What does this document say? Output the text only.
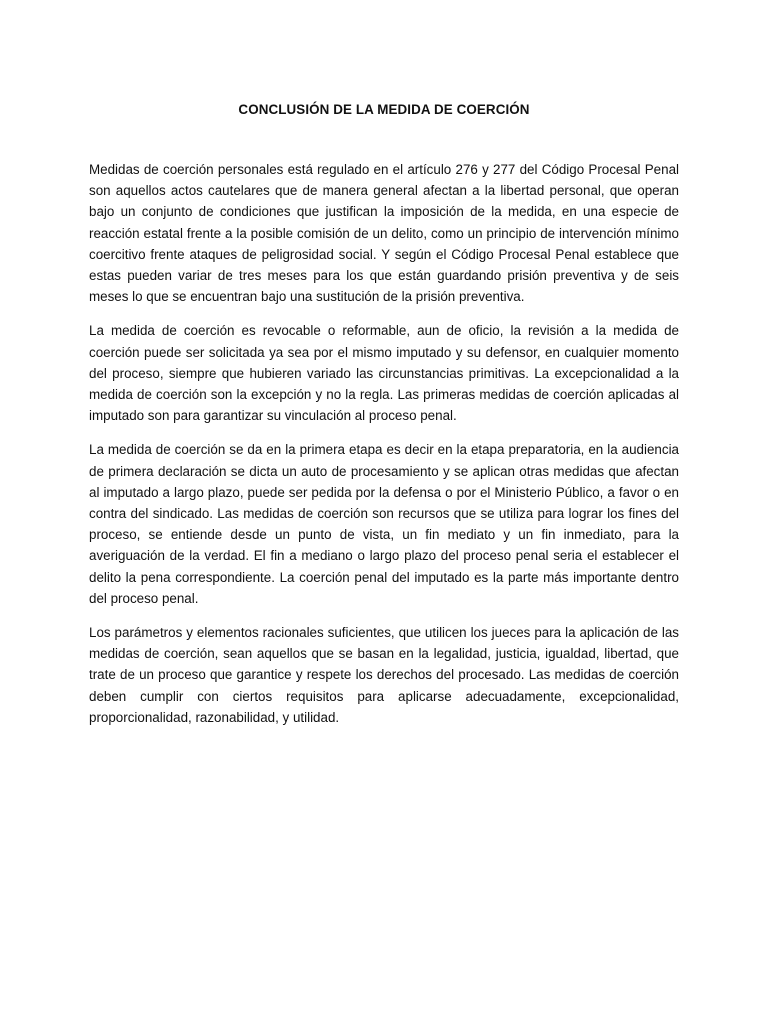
CONCLUSIÓN DE LA MEDIDA DE COERCIÓN

Medidas de coerción personales está regulado en el artículo 276 y 277 del Código Procesal Penal son aquellos actos cautelares que de manera general afectan a la libertad personal, que operan bajo un conjunto de condiciones que justifican la imposición de la medida, en una especie de reacción estatal frente a la posible comisión de un delito, como un principio de intervención mínimo coercitivo frente ataques de peligrosidad social. Y según el Código Procesal Penal establece que estas pueden variar de tres meses para los que están guardando prisión preventiva y de seis meses lo que se encuentran bajo una sustitución de la prisión preventiva.

La medida de coerción es revocable o reformable, aun de oficio, la revisión a la medida de coerción puede ser solicitada ya sea por el mismo imputado y su defensor, en cualquier momento del proceso, siempre que hubieren variado las circunstancias primitivas. La excepcionalidad a la medida de coerción son la excepción y no la regla. Las primeras medidas de coerción aplicadas al imputado son para garantizar su vinculación al proceso penal.

La medida de coerción se da en la primera etapa es decir en la etapa preparatoria, en la audiencia de primera declaración se dicta un auto de procesamiento y se aplican otras medidas que afectan al imputado a largo plazo, puede ser pedida por la defensa o por el Ministerio Público, a favor o en contra del sindicado. Las medidas de coerción son recursos que se utiliza para lograr los fines del proceso, se entiende desde un punto de vista, un fin mediato y un fin inmediato, para la averiguación de la verdad. El fin a mediano o largo plazo del proceso penal seria el establecer el delito la pena correspondiente. La coerción penal del imputado es la parte más importante dentro del proceso penal.

Los parámetros y elementos racionales suficientes, que utilicen los jueces para la aplicación de las medidas de coerción, sean aquellos que se basan en la legalidad, justicia, igualdad, libertad, que trate de un proceso que garantice y respete los derechos del procesado. Las medidas de coerción deben cumplir con ciertos requisitos para aplicarse adecuadamente, excepcionalidad, proporcionalidad, razonabilidad, y utilidad.
